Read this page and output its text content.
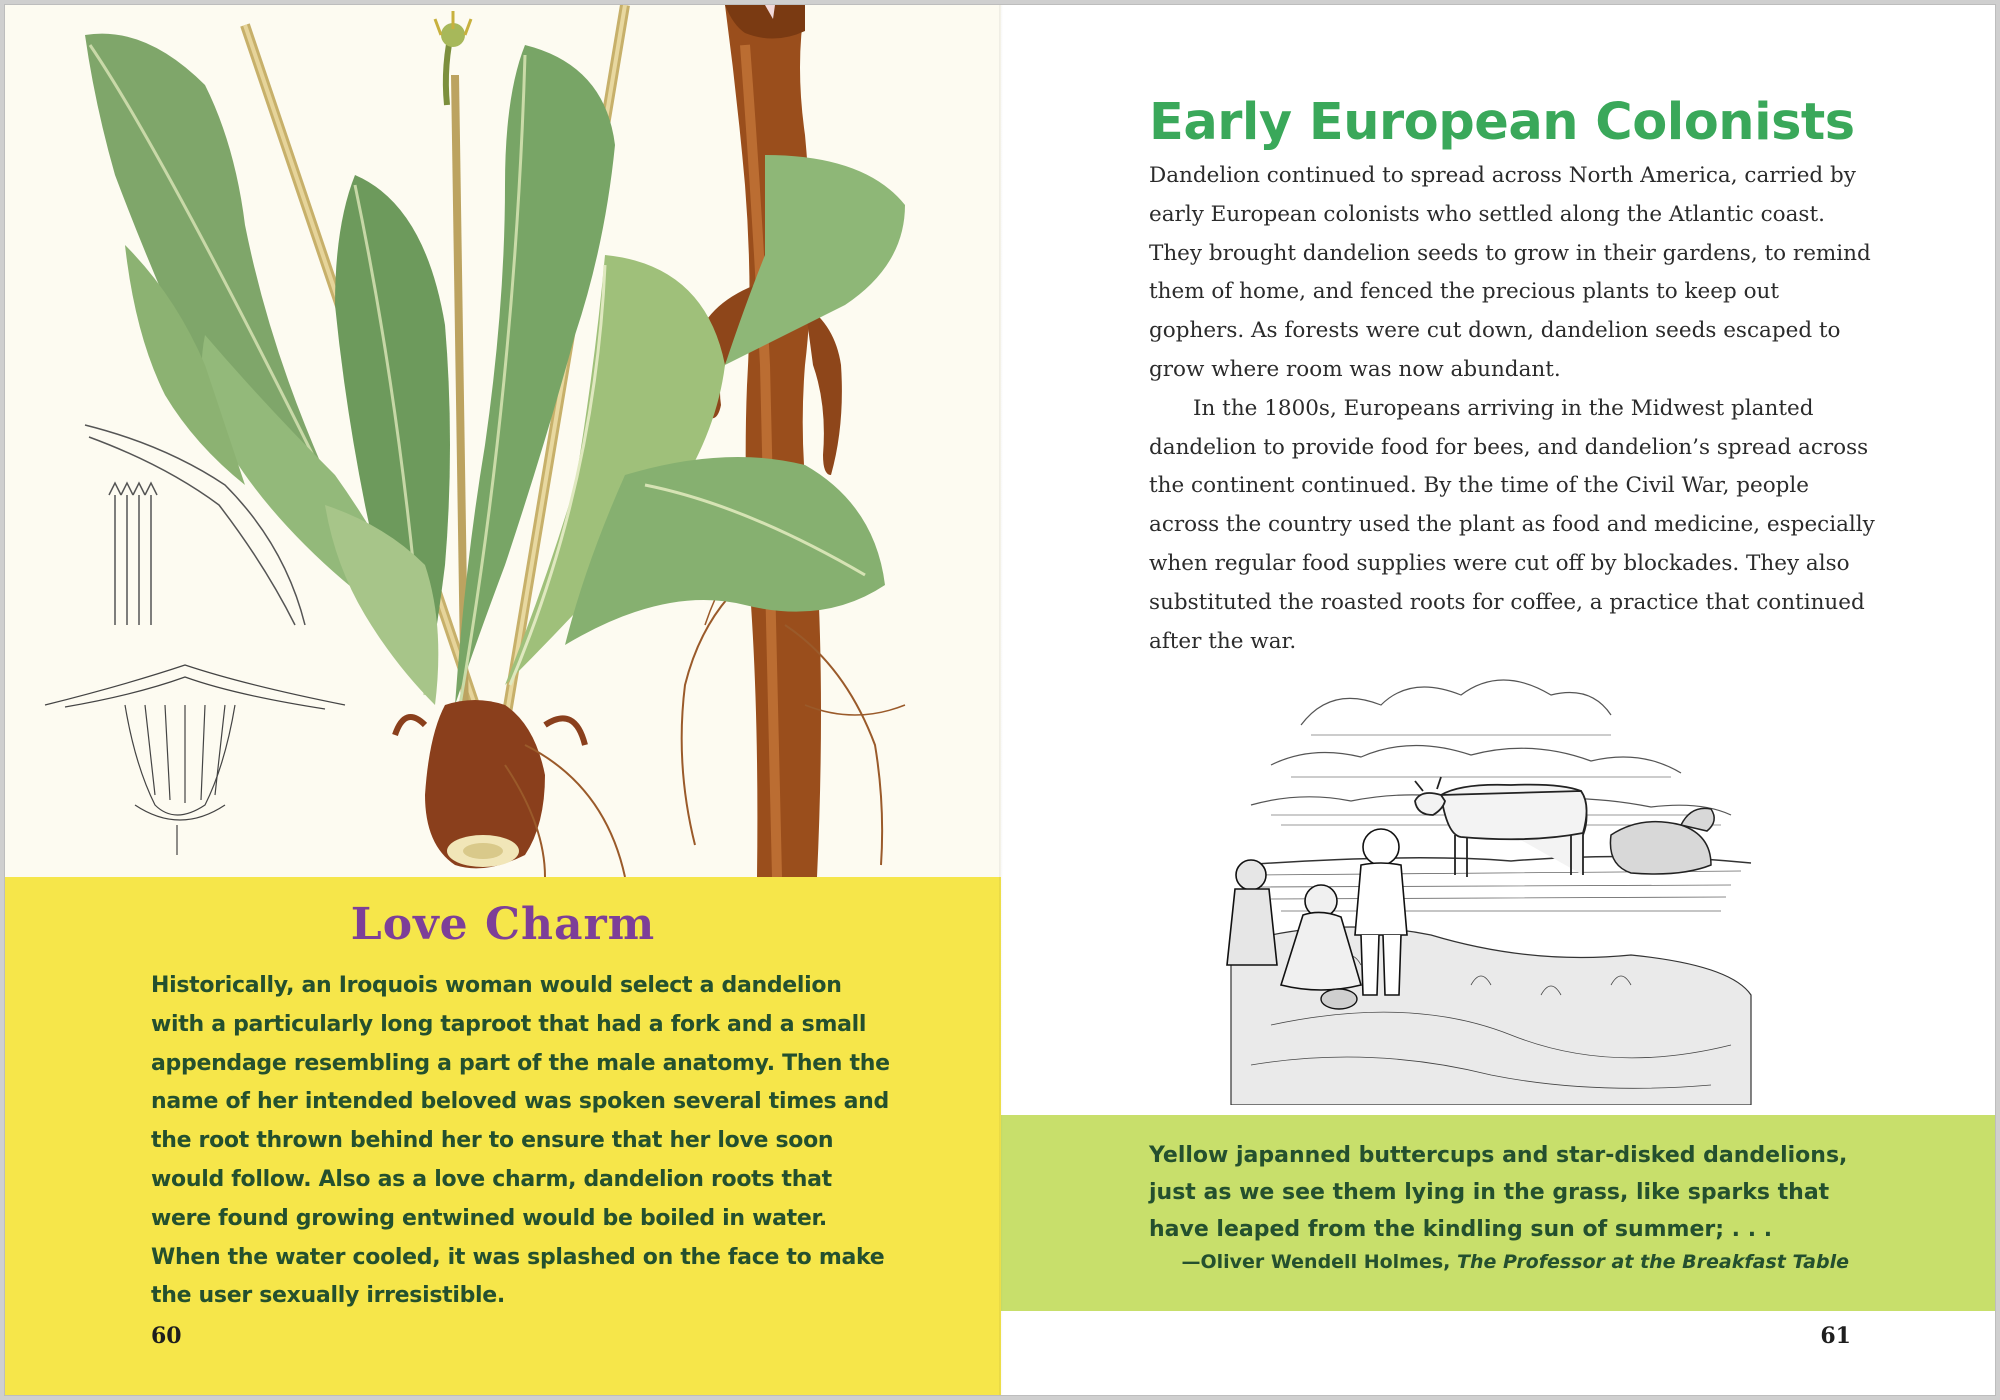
Love Charm
Historically, an Iroquois woman would select a dandelion with a particularly long taproot that had a fork and a small appendage resembling a part of the male anatomy. Then the name of her intended beloved was spoken several times and the root thrown behind her to ensure that her love soon would follow. Also as a love charm, dandelion roots that were found growing entwined would be boiled in water. When the water cooled, it was splashed on the face to make the user sexually irresistible.
60
Early European Colonists

Dandelion continued to spread across North America, carried by early European colonists who settled along the Atlantic coast. They brought dandelion seeds to grow in their gardens, to remind them of home, and fenced the precious plants to keep out gophers. As forests were cut down, dandelion seeds escaped to grow where room was now abundant.

In the 1800s, Europeans arriving in the Midwest planted dandelion to provide food for bees, and dandelion’s spread across the continent continued. By the time of the Civil War, people across the country used the plant as food and medicine, especially when regular food supplies were cut off by blockades. They also substituted the roasted roots for coffee, a practice that continued after the war.

Yellow japanned buttercups and star-disked dandelions, just as we see them lying in the grass, like sparks that have leaped from the kindling sun of summer; . . .
—Oliver Wendell Holmes, The Professor at the Breakfast Table
61
